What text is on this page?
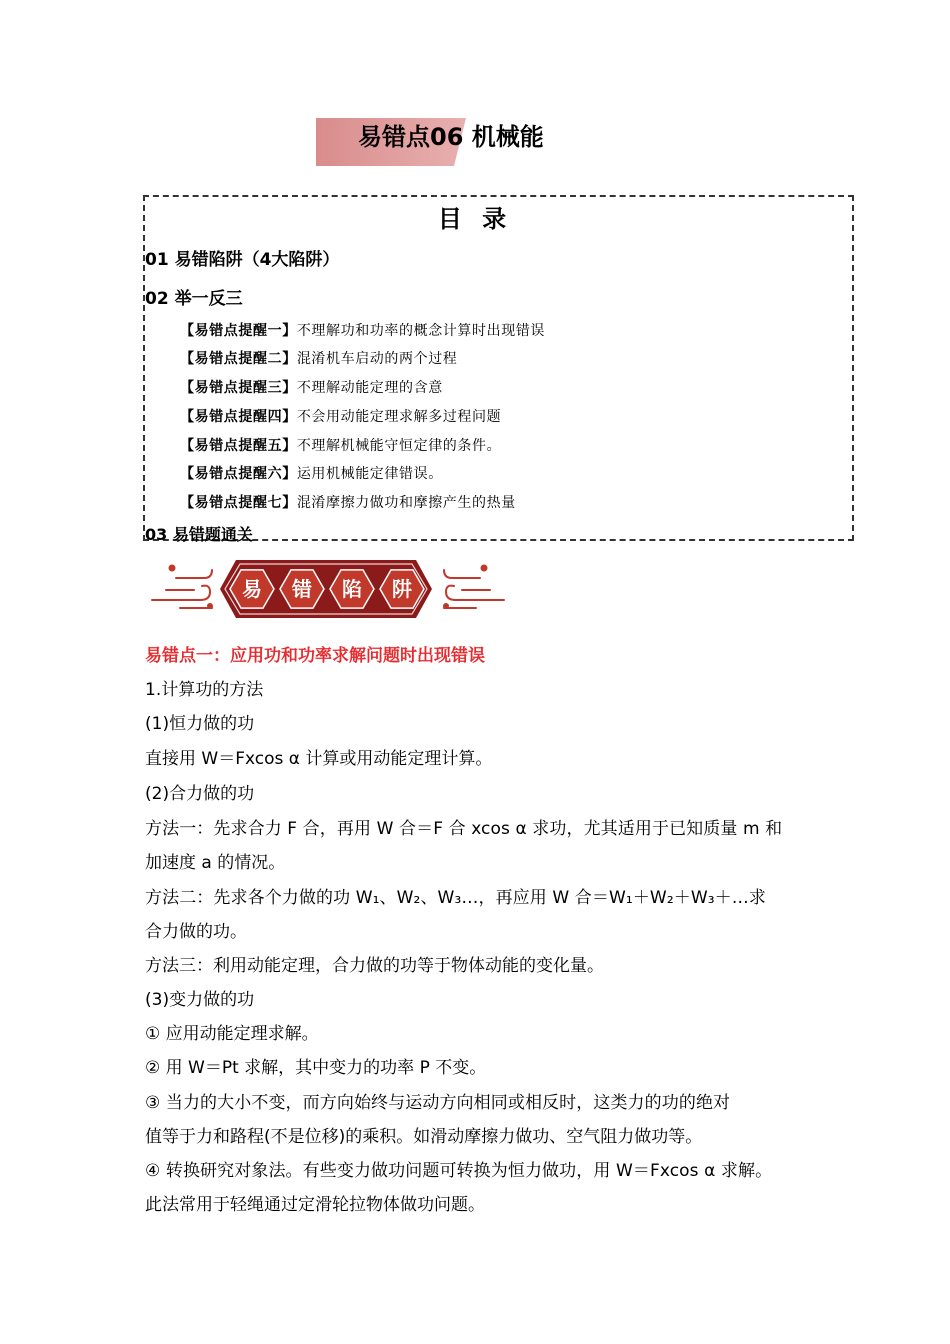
易错点06 机械能
目 录
01 易错陷阱（4大陷阱）
02 举一反三
【易错点提醒一】不理解功和功率的概念计算时出现错误
【易错点提醒二】混淆机车启动的两个过程
【易错点提醒三】不理解动能定理的含意
【易错点提醒四】不会用动能定理求解多过程问题
【易错点提醒五】不理解机械能守恒定律的条件。
【易错点提醒六】运用机械能定律错误。
【易错点提醒七】混淆摩擦力做功和摩擦产生的热量
03 易错题通关
易 错 陷 阱
易错点一：应用功和功率求解问题时出现错误
1.计算功的方法
(1)恒力做的功
直接用 W＝Fxcos α 计算或用动能定理计算。
(2)合力做的功
方法一：先求合力 F 合，再用 W 合＝F 合 xcos α 求功，尤其适用于已知质量 m 和
加速度 a 的情况。
方法二：先求各个力做的功 W₁、W₂、W₃…，再应用 W 合＝W₁＋W₂＋W₃＋…求
合力做的功。
方法三：利用动能定理，合力做的功等于物体动能的变化量。
(3)变力做的功
① 应用动能定理求解。
② 用 W＝Pt 求解，其中变力的功率 P 不变。
③ 当力的大小不变，而方向始终与运动方向相同或相反时，这类力的功的绝对
值等于力和路程(不是位移)的乘积。如滑动摩擦力做功、空气阻力做功等。
④ 转换研究对象法。有些变力做功问题可转换为恒力做功，用 W＝Fxcos α 求解。
此法常用于轻绳通过定滑轮拉物体做功问题。
